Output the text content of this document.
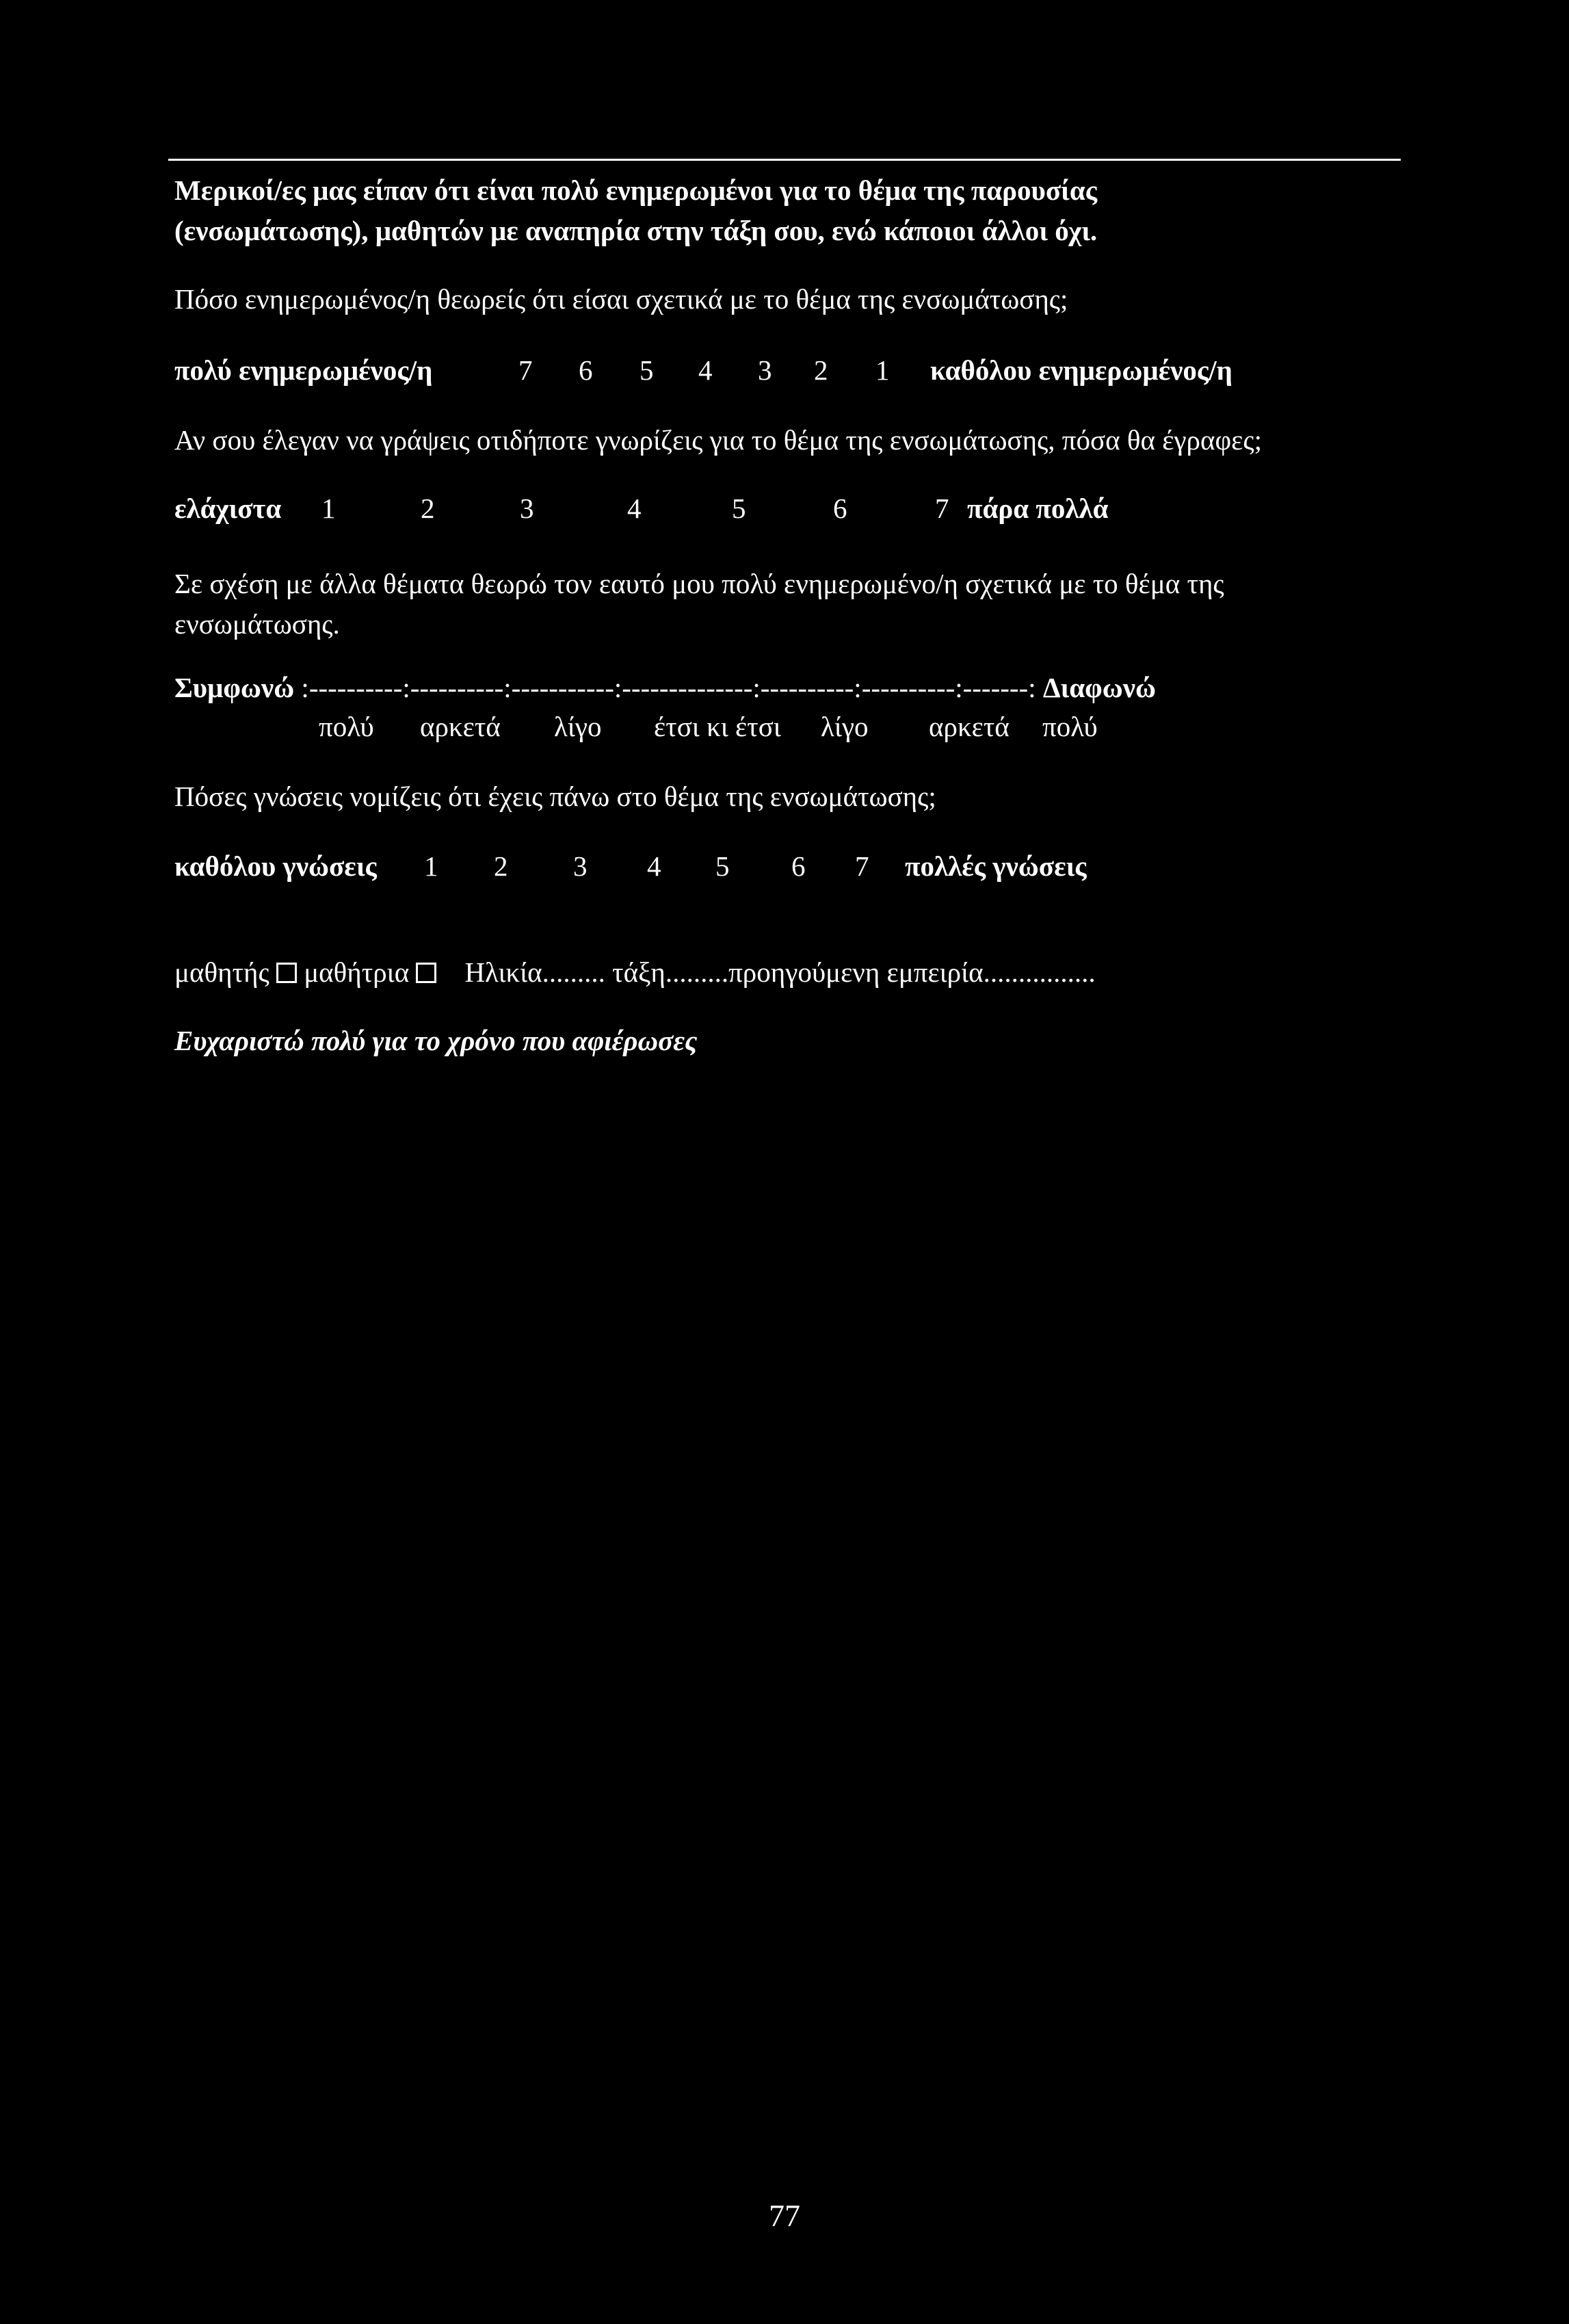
Μερικοί/ες μας είπαν ότι είναι πολύ ενημερωμένοι για το θέμα της παρουσίας
(ενσωμάτωσης), μαθητών με αναπηρία στην τάξη σου, ενώ κάποιοι άλλοι όχι.
Πόσο ενημερωμένος/η θεωρείς ότι είσαι σχετικά με το θέμα της ενσωμάτωσης;
πολύ ενημερωμένος/η	7 6 5 4 3 2 1 καθόλου ενημερωμένος/η
Αν σου έλεγαν να γράψεις οτιδήποτε γνωρίζεις για το θέμα της ενσωμάτωσης, πόσα θα έγραφες;
ελάχιστα 1	2	3	4	5	6	7 πάρα πολλά
Σε σχέση με άλλα θέματα θεωρώ τον εαυτό μου πολύ ενημερωμένο/η σχετικά με το θέμα της ενσωμάτωσης.
Συμφωνώ :----------:----------:-----------:--------------:----------:----------:-------: Διαφωνώ
πολύ αρκετά λίγο έτσι κι έτσι λίγο αρκετά πολύ
Πόσες γνώσεις νομίζεις ότι έχεις πάνω στο θέμα της ενσωμάτωσης;
καθόλου γνώσεις 1 2 3 4 5 6 7 πολλές γνώσεις
μαθητής μαθήτρια Ηλικία......... τάξη.........προηγούμενη εμπειρία................
Ευχαριστώ πολύ για το χρόνο που αφιέρωσες
77
